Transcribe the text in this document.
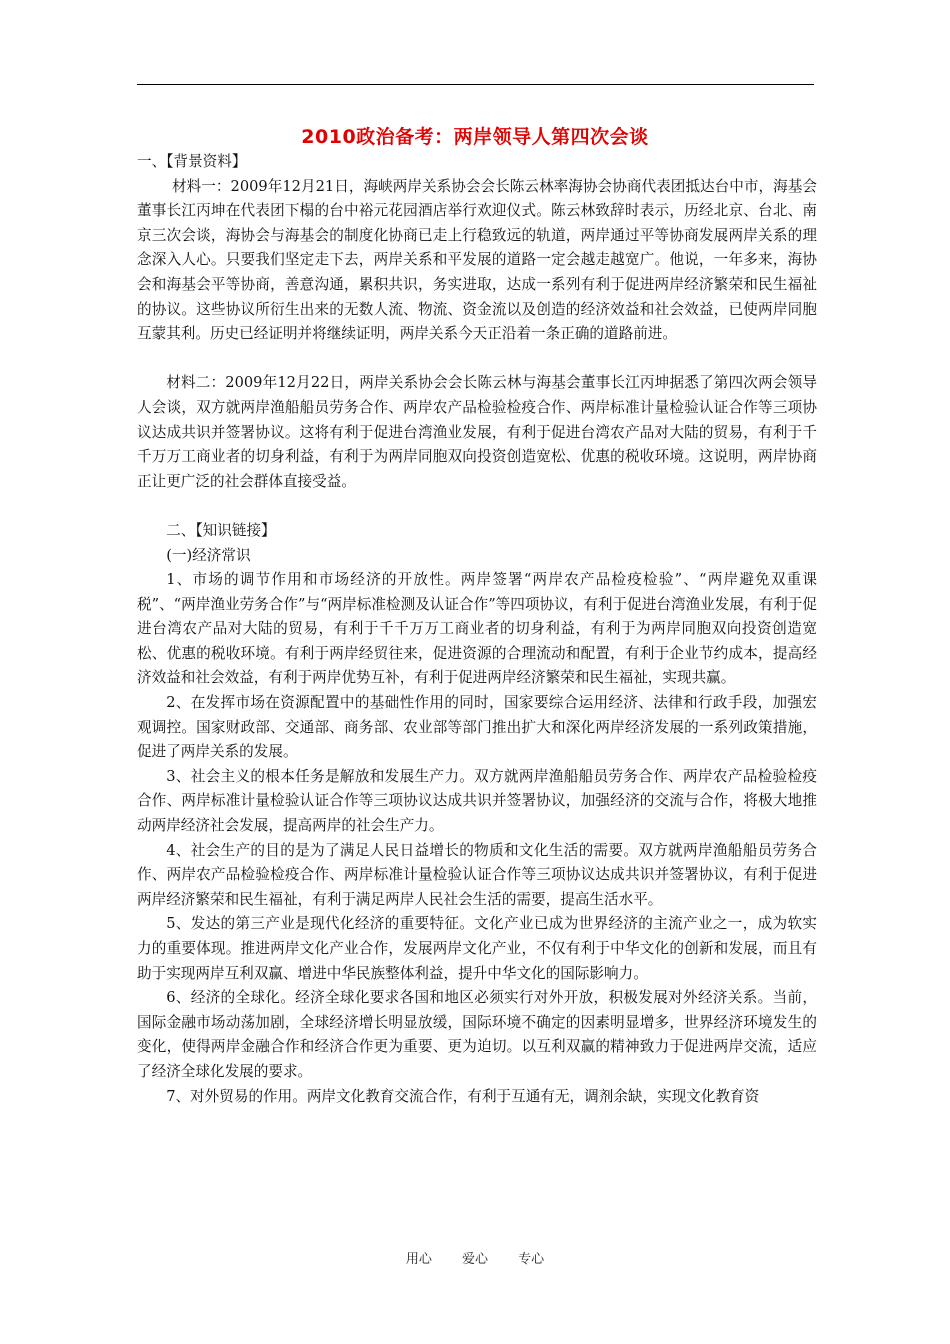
2010政治备考：两岸领导人第四次会谈

一、【背景资料】

材料一：2009年12月21日，海峡两岸关系协会会长陈云林率海协会协商代表团抵达台中市，海基会董事长江丙坤在代表团下榻的台中裕元花园酒店举行欢迎仪式。陈云林致辞时表示，历经北京、台北、南京三次会谈，海协会与海基会的制度化协商已走上行稳致远的轨道，两岸通过平等协商发展两岸关系的理念深入人心。只要我们坚定走下去，两岸关系和平发展的道路一定会越走越宽广。他说，一年多来，海协会和海基会平等协商，善意沟通，累积共识，务实进取，达成一系列有利于促进两岸经济繁荣和民生福祉的协议。这些协议所衍生出来的无数人流、物流、资金流以及创造的经济效益和社会效益，已使两岸同胞互蒙其利。历史已经证明并将继续证明，两岸关系今天正沿着一条正确的道路前进。

材料二：2009年12月22日，两岸关系协会会长陈云林与海基会董事长江丙坤据悉了第四次两会领导人会谈，双方就两岸渔船船员劳务合作、两岸农产品检验检疫合作、两岸标准计量检验认证合作等三项协议达成共识并签署协议。这将有利于促进台湾渔业发展，有利于促进台湾农产品对大陆的贸易，有利于千千万万工商业者的切身利益，有利于为两岸同胞双向投资创造宽松、优惠的税收环境。这说明，两岸协商正让更广泛的社会群体直接受益。

二、【知识链接】

(一)经济常识

1、市场的调节作用和市场经济的开放性。两岸签署“两岸农产品检疫检验”、“两岸避免双重课税”、“两岸渔业劳务合作”与“两岸标准检测及认证合作”等四项协议，有利于促进台湾渔业发展，有利于促进台湾农产品对大陆的贸易，有利于千千万万工商业者的切身利益，有利于为两岸同胞双向投资创造宽松、优惠的税收环境。有利于两岸经贸往来，促进资源的合理流动和配置，有利于企业节约成本，提高经济效益和社会效益，有利于两岸优势互补，有利于促进两岸经济繁荣和民生福祉，实现共赢。

2、在发挥市场在资源配置中的基础性作用的同时，国家要综合运用经济、法律和行政手段，加强宏观调控。国家财政部、交通部、商务部、农业部等部门推出扩大和深化两岸经济发展的一系列政策措施，促进了两岸关系的发展。

3、社会主义的根本任务是解放和发展生产力。双方就两岸渔船船员劳务合作、两岸农产品检验检疫合作、两岸标准计量检验认证合作等三项协议达成共识并签署协议，加强经济的交流与合作，将极大地推动两岸经济社会发展，提高两岸的社会生产力。

4、社会生产的目的是为了满足人民日益增长的物质和文化生活的需要。双方就两岸渔船船员劳务合作、两岸农产品检验检疫合作、两岸标准计量检验认证合作等三项协议达成共识并签署协议，有利于促进两岸经济繁荣和民生福祉，有利于满足两岸人民社会生活的需要，提高生活水平。

5、发达的第三产业是现代化经济的重要特征。文化产业已成为世界经济的主流产业之一，成为软实力的重要体现。推进两岸文化产业合作，发展两岸文化产业，不仅有利于中华文化的创新和发展，而且有助于实现两岸互利双赢、增进中华民族整体利益，提升中华文化的国际影响力。

6、经济的全球化。经济全球化要求各国和地区必须实行对外开放，积极发展对外经济关系。当前，国际金融市场动荡加剧，全球经济增长明显放缓，国际环境不确定的因素明显增多，世界经济环境发生的变化，使得两岸金融合作和经济合作更为重要、更为迫切。以互利双赢的精神致力于促进两岸交流，适应了经济全球化发展的要求。

7、对外贸易的作用。两岸文化教育交流合作，有利于互通有无，调剂余缺，实现文化教育资

用心 爱心 专心
